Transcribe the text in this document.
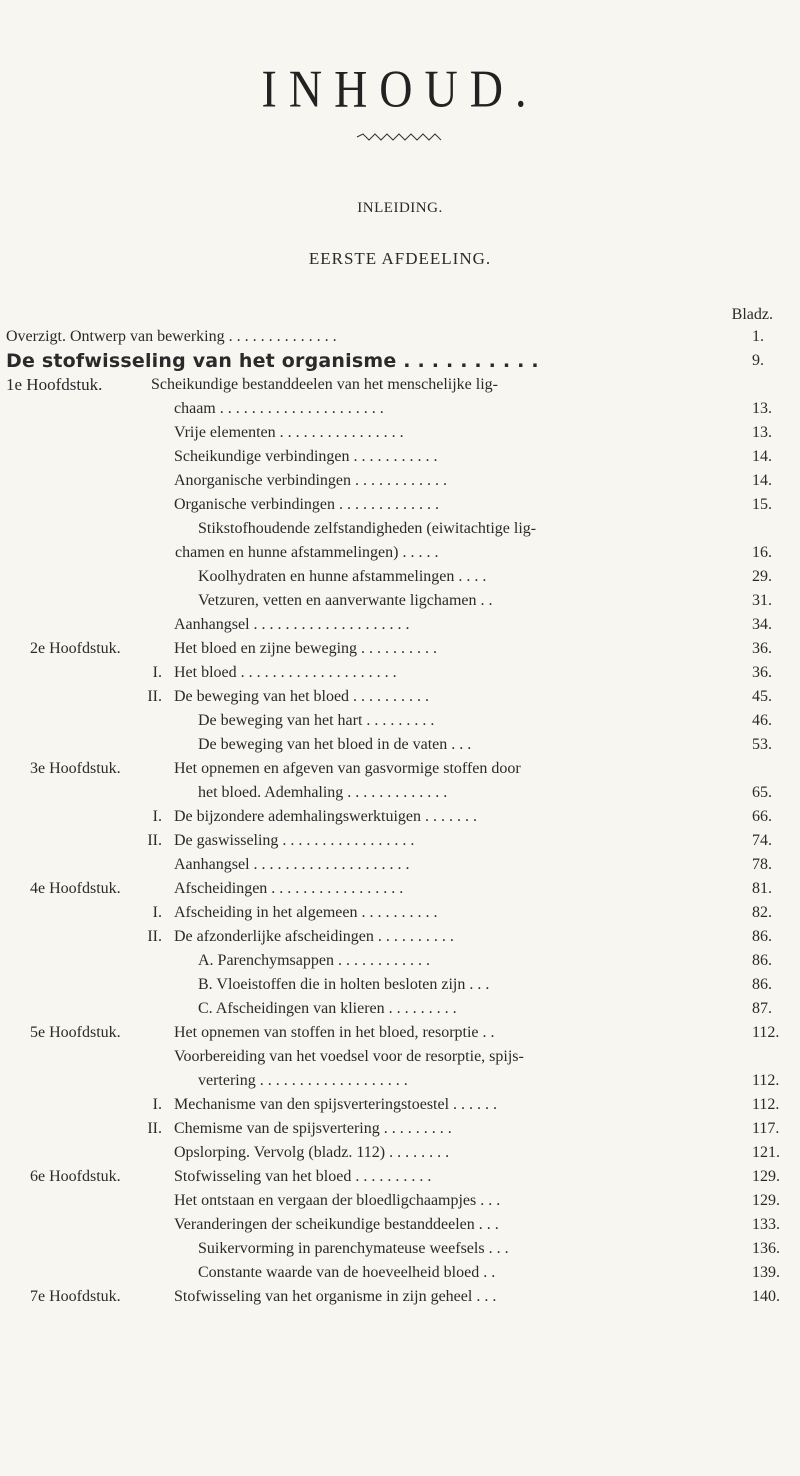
INHOUD.
INLEIDING.
EERSTE AFDEELING.
Bladz.
Overzigt. Ontwerp van bewerking . . . . . . . . . . . . . .	1.
De stofwisseling van het organisme . . . . . . . . . .	9.
1e Hoofdstuk.	Scheikundige bestanddeelen van het menschelijke lig-
chaam . . . . . . . . . . . . . . . . . . . . .	13.
Vrije elementen . . . . . . . . . . . . . . . .	13.
Scheikundige verbindingen . . . . . . . . . . .	14.
Anorganische verbindingen . . . . . . . . . . . .	14.
Organische verbindingen . . . . . . . . . . . . .	15.
Stikstofhoudende zelfstandigheden (eiwitachtige lig-
chamen en hunne afstammelingen) . . . . .	16.
Koolhydraten en hunne afstammelingen . . . .	29.
Vetzuren, vetten en aanverwante ligchamen . .	31.
Aanhangsel . . . . . . . . . . . . . . . . . . . .	34.
2e Hoofdstuk.	Het bloed en zijne beweging . . . . . . . . . .	36.
I. Het bloed . . . . . . . . . . . . . . . . . . . .	36.
II. De beweging van het bloed . . . . . . . . . .	45.
De beweging van het hart . . . . . . . . .	46.
De beweging van het bloed in de vaten . . .	53.
3e Hoofdstuk.	Het opnemen en afgeven van gasvormige stoffen door
het bloed. Ademhaling . . . . . . . . . . . . .	65.
I. De bijzondere ademhalingswerktuigen . . . . . . .	66.
II. De gaswisseling . . . . . . . . . . . . . . . . .	74.
Aanhangsel . . . . . . . . . . . . . . . . . . . .	78.
4e Hoofdstuk.	Afscheidingen . . . . . . . . . . . . . . . . .	81.
I. Afscheiding in het algemeen . . . . . . . . . .	82.
II. De afzonderlijke afscheidingen . . . . . . . . . .	86.
A. Parenchymsappen . . . . . . . . . . . .	86.
B. Vloeistoffen die in holten besloten zijn . . .	86.
C. Afscheidingen van klieren . . . . . . . . .	87.
5e Hoofdstuk.	Het opnemen van stoffen in het bloed, resorptie . .	112.
Voorbereiding van het voedsel voor de resorptie, spijs-
vertering . . . . . . . . . . . . . . . . . . .	112.
I. Mechanisme van den spijsverteringstoestel . . . . . .	112.
II. Chemisme van de spijsvertering . . . . . . . . .	117.
Opslorping. Vervolg (bladz. 112) . . . . . . . .	121.
6e Hoofdstuk.	Stofwisseling van het bloed . . . . . . . . . .	129.
Het ontstaan en vergaan der bloedligchaampjes . . .	129.
Veranderingen der scheikundige bestanddeelen . . .	133.
Suikervorming in parenchymateuse weefsels . . .	136.
Constante waarde van de hoeveelheid bloed . .	139.
7e Hoofdstuk.	Stofwisseling van het organisme in zijn geheel . . .	140.
